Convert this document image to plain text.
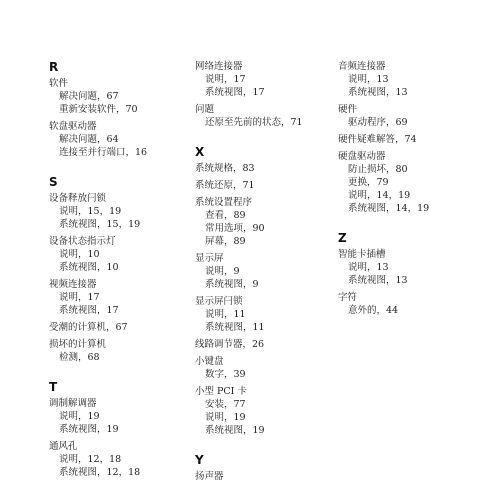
R
软件
解决问题，67
重新安装软件，70
软盘驱动器
解决问题，64
连接至并行端口，16
S
设备释放闩锁
说明，15，19
系统视图，15，19
设备状态指示灯
说明，10
系统视图，10
视频连接器
说明，17
系统视图，17
受潮的计算机，67
损坏的计算机
检测，68
T
调制解调器
说明，19
系统视图，19
通风孔
说明，12，18
系统视图，12，18
网络连接器
说明，17
系统视图，17
问题
还原至先前的状态，71
X
系统规格，83
系统还原，71
系统设置程序
查看，89
常用选项，90
屏幕，89
显示屏
说明，9
系统视图，9
显示屏闩锁
说明，11
系统视图，11
线路调节器，26
小键盘
数字，39
小型 PCI 卡
安装，77
说明，19
系统视图，19
Y
扬声器
音频连接器
说明，13
系统视图，13
硬件
驱动程序，69
硬件疑难解答，74
硬盘驱动器
防止损坏，80
更换，79
说明，14，19
系统视图，14，19
Z
智能卡插槽
说明，13
系统视图，13
字符
意外的，44
